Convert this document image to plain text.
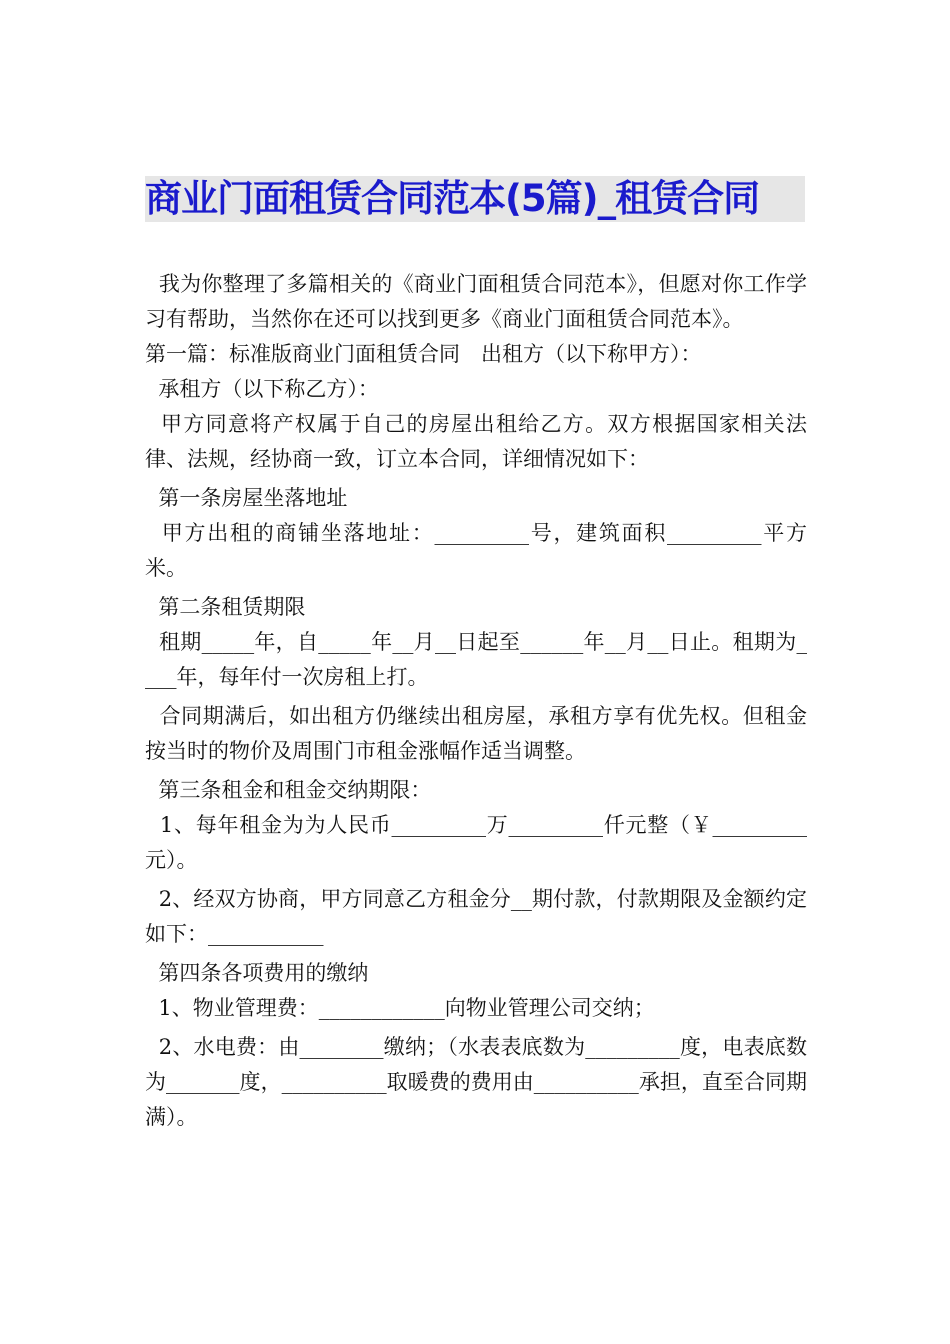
商业门面租赁合同范本(5篇)_租赁合同

我为你整理了多篇相关的《商业门面租赁合同范本》，但愿对你工作学习有帮助，当然你在还可以找到更多《商业门面租赁合同范本》。

第一篇：标准版商业门面租赁合同　出租方（以下称甲方）：

承租方（以下称乙方）：

甲方同意将产权属于自己的房屋出租给乙方。双方根据国家相关法律、法规，经协商一致，订立本合同，详细情况如下：

第一条房屋坐落地址

甲方出租的商铺坐落地址：_________号，建筑面积_________平方米。

第二条租赁期限

租期_____年，自_____年__月__日起至______年__月__日止。租期为____年，每年付一次房租上打。

合同期满后，如出租方仍继续出租房屋，承租方享有优先权。但租金按当时的物价及周围门市租金涨幅作适当调整。

第三条租金和租金交纳期限：

1、每年租金为为人民币_________万_________仟元整（￥_________元）。

2、经双方协商，甲方同意乙方租金分__期付款，付款期限及金额约定如下：___________

第四条各项费用的缴纳

1、物业管理费：____________向物业管理公司交纳；

2、水电费：由________缴纳；（水表表底数为_________度，电表底数为_______度，__________取暖费的费用由__________承担，直至合同期满）。
